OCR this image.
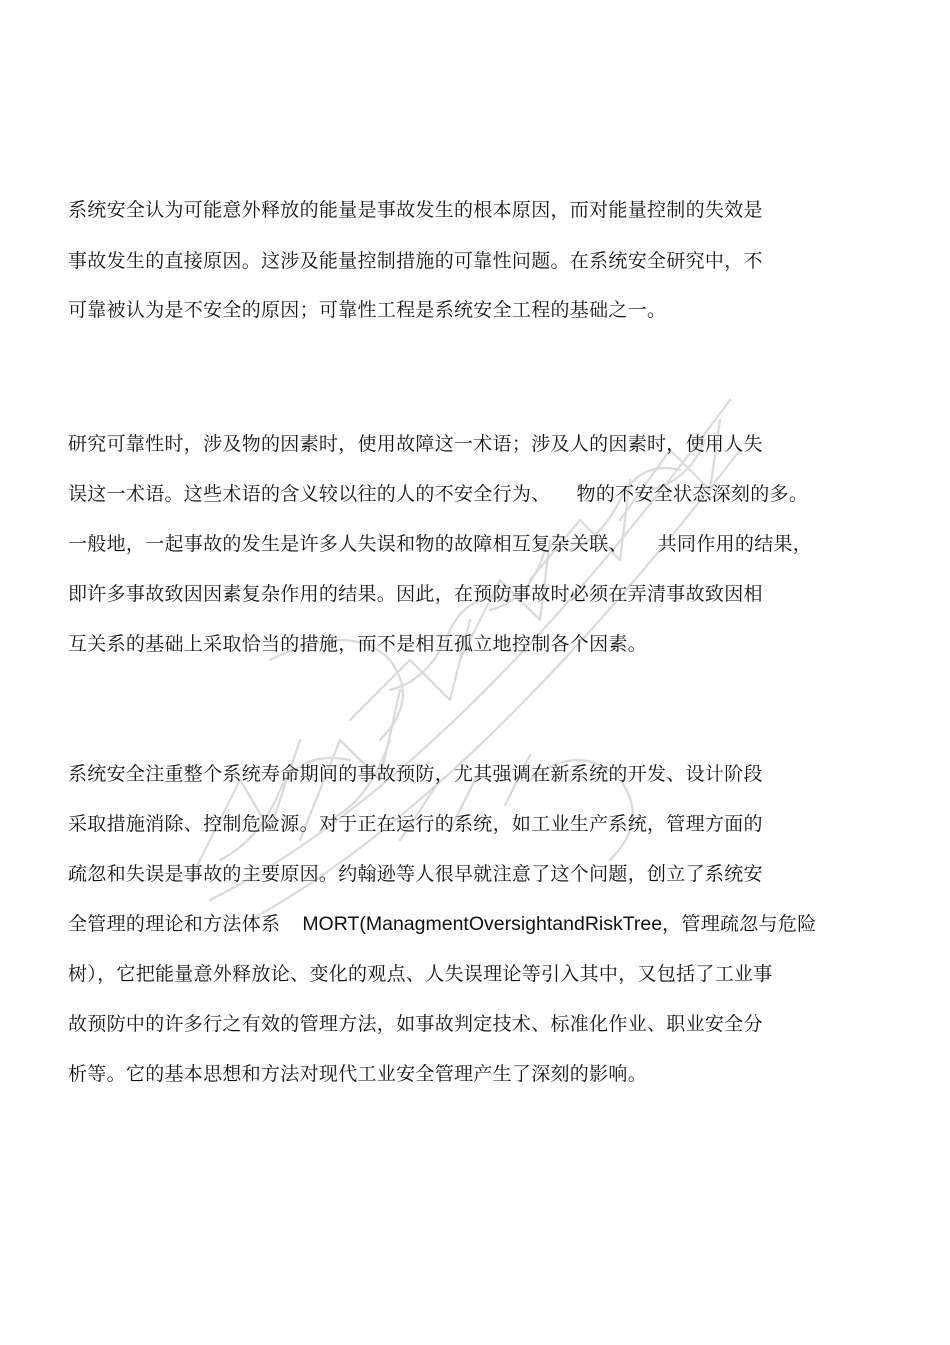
系统安全认为可能意外释放的能量是事故发生的根本原因，而对能量控制的失效是
事故发生的直接原因。这涉及能量控制措施的可靠性问题。在系统安全研究中，不
可靠被认为是不安全的原因；可靠性工程是系统安全工程的基础之一。
研究可靠性时，涉及物的因素时，使用故障这一术语；涉及人的因素时，使用人失
误这一术语。这些术语的含义较以往的人的不安全行为、 物的不安全状态深刻的多。
一般地，一起事故的发生是许多人失误和物的故障相互复杂关联、 共同作用的结果，
即许多事故致因因素复杂作用的结果。因此，在预防事故时必须在弄清事故致因相
互关系的基础上采取恰当的措施，而不是相互孤立地控制各个因素。
系统安全注重整个系统寿命期间的事故预防，尤其强调在新系统的开发、设计阶段
采取措施消除、控制危险源。对于正在运行的系统，如工业生产系统，管理方面的
疏忽和失误是事故的主要原因。约翰逊等人很早就注意了这个问题，创立了系统安
全管理的理论和方法体系 MORT(ManagmentOversightandRiskTree，管理疏忽与危险
树），它把能量意外释放论、变化的观点、人失误理论等引入其中，又包括了工业事
故预防中的许多行之有效的管理方法，如事故判定技术、标准化作业、职业安全分
析等。它的基本思想和方法对现代工业安全管理产生了深刻的影响。
